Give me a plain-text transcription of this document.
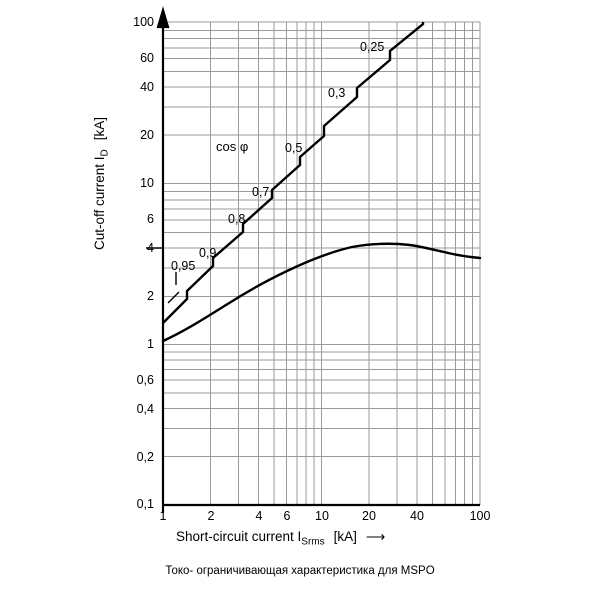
100
60
40
20
10
6
4
2
1
0,6
0,4
0,2
0,1
1	2	4	6	10	20	40	100
cos φ
0,25
0,3
0,5
0,7
0,8
0,9
0,95
Cut-off current $I_D[kA]$
Short-circuit current $I_{Srms}$ [kA] ⟶
Токо- ограничивающая характеристика для MSPO
